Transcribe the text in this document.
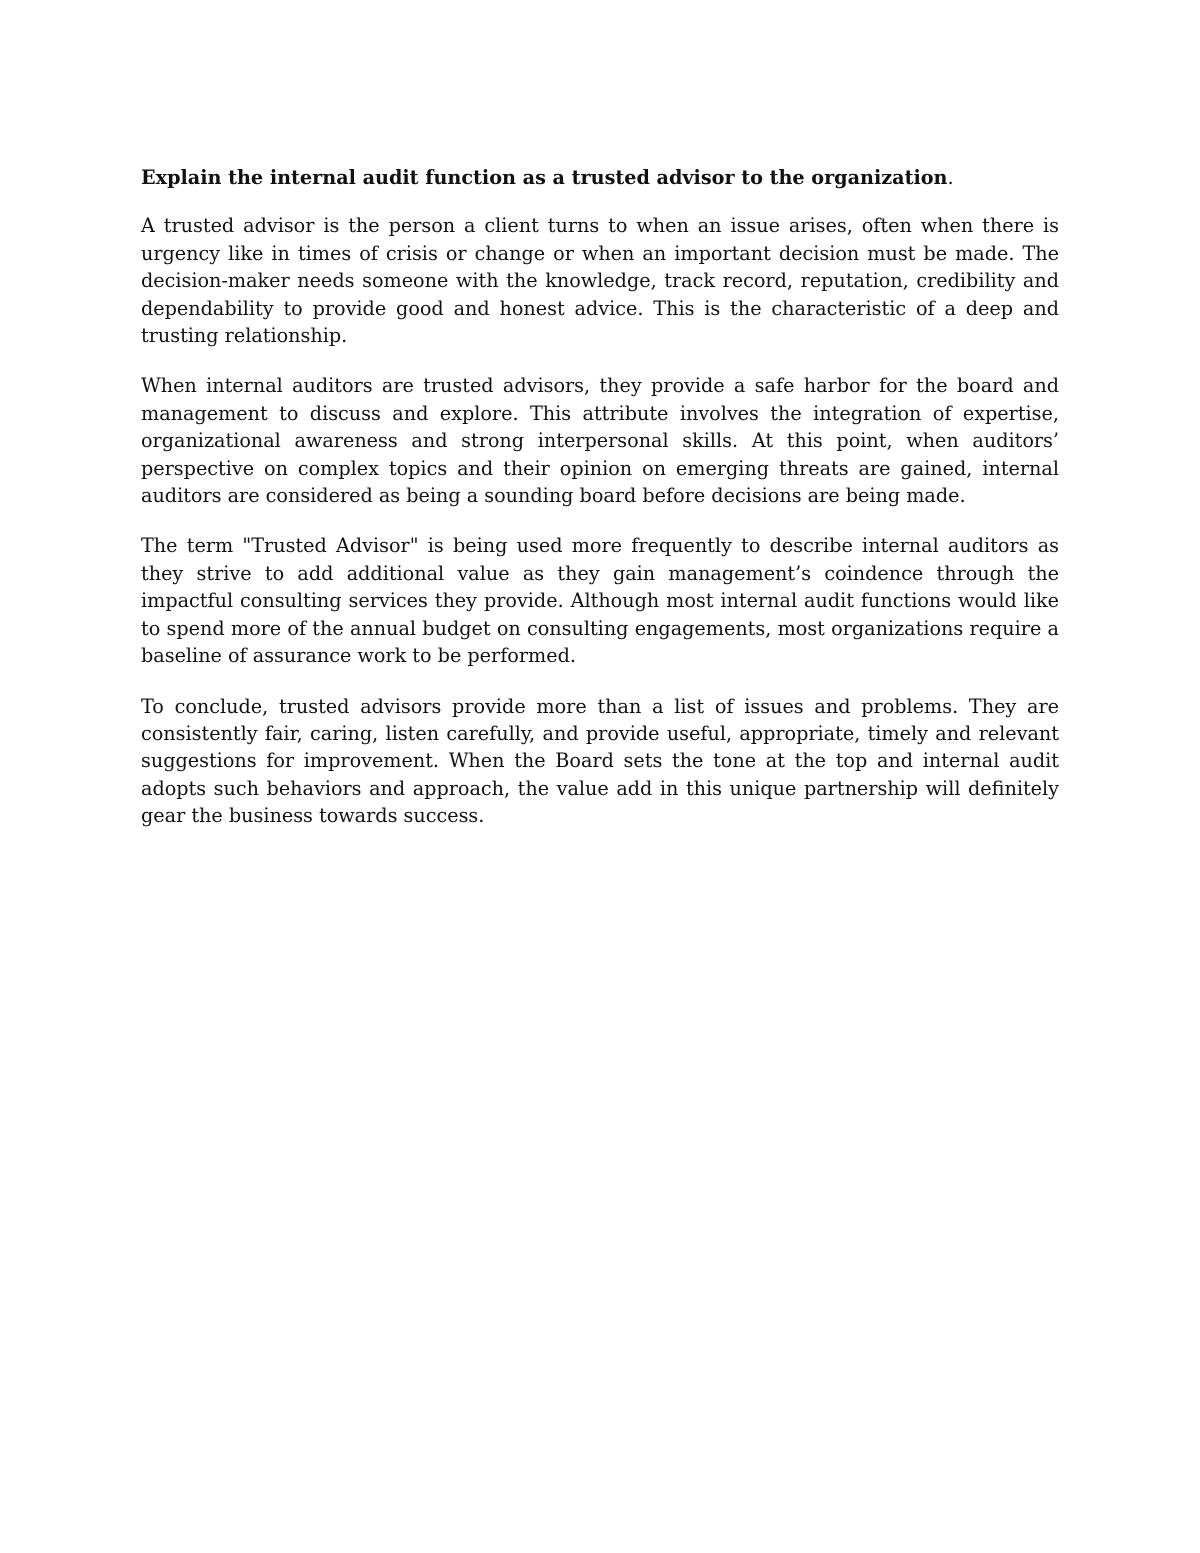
Explain the internal audit function as a trusted advisor to the organization.

A trusted advisor is the person a client turns to when an issue arises, often when there is urgency like in times of crisis or change or when an important decision must be made. The decision-maker needs someone with the knowledge, track record, reputation, credibility and dependability to provide good and honest advice. This is the characteristic of a deep and trusting relationship.

When internal auditors are trusted advisors, they provide a safe harbor for the board and management to discuss and explore. This attribute involves the integration of expertise, organizational awareness and strong interpersonal skills. At this point, when auditors’ perspective on complex topics and their opinion on emerging threats are gained, internal auditors are considered as being a sounding board before decisions are being made.

The term "Trusted Advisor" is being used more frequently to describe internal auditors as they strive to add additional value as they gain management’s coindence through the impactful consulting services they provide. Although most internal audit functions would like to spend more of the annual budget on consulting engagements, most organizations require a baseline of assurance work to be performed.

To conclude, trusted advisors provide more than a list of issues and problems. They are consistently fair, caring, listen carefully, and provide useful, appropriate, timely and relevant suggestions for improvement. When the Board sets the tone at the top and internal audit adopts such behaviors and approach, the value add in this unique partnership will definitely gear the business towards success.
